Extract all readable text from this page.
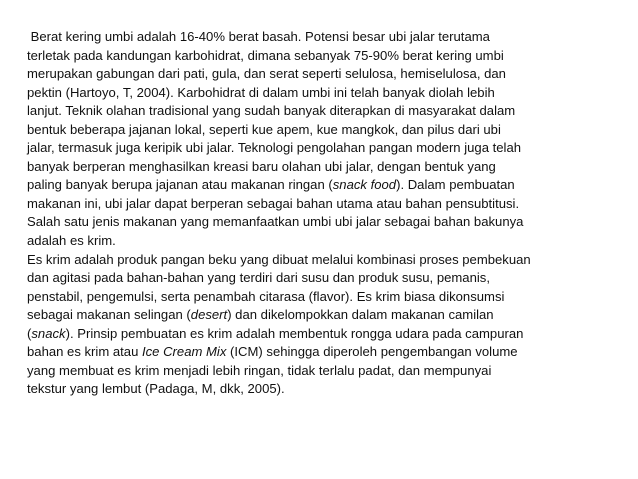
Berat kering umbi adalah 16-40% berat basah. Potensi besar ubi jalar terutama
terletak pada kandungan karbohidrat, dimana sebanyak 75-90% berat kering umbi
merupakan gabungan dari pati, gula, dan serat seperti selulosa, hemiselulosa, dan
pektin (Hartoyo, T, 2004). Karbohidrat di dalam umbi ini telah banyak diolah lebih
lanjut. Teknik olahan tradisional yang sudah banyak diterapkan di masyarakat dalam
bentuk beberapa jajanan lokal, seperti kue apem, kue mangkok, dan pilus dari ubi
jalar, termasuk juga keripik ubi jalar. Teknologi pengolahan pangan modern juga telah
banyak berperan menghasilkan kreasi baru olahan ubi jalar, dengan bentuk yang
paling banyak berupa jajanan atau makanan ringan (snack food). Dalam pembuatan
makanan ini, ubi jalar dapat berperan sebagai bahan utama atau bahan pensubtitusi.
Salah satu jenis makanan yang memanfaatkan umbi ubi jalar sebagai bahan bakunya
adalah es krim.
Es krim adalah produk pangan beku yang dibuat melalui kombinasi proses pembekuan
dan agitasi pada bahan-bahan yang terdiri dari susu dan produk susu, pemanis,
penstabil, pengemulsi, serta penambah citarasa (flavor). Es krim biasa dikonsumsi
sebagai makanan selingan (desert) dan dikelompokkan dalam makanan camilan
(snack). Prinsip pembuatan es krim adalah membentuk rongga udara pada campuran
bahan es krim atau Ice Cream Mix (ICM) sehingga diperoleh pengembangan volume
yang membuat es krim menjadi lebih ringan, tidak terlalu padat, dan mempunyai
tekstur yang lembut (Padaga, M, dkk, 2005).
